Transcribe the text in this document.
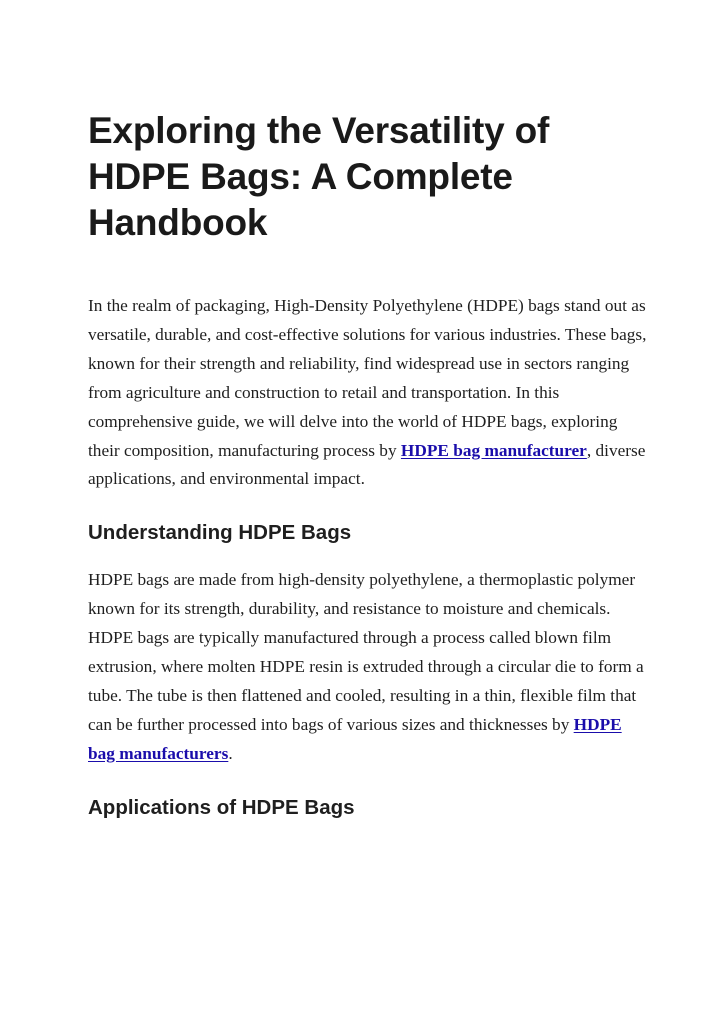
Exploring the Versatility of HDPE Bags: A Complete Handbook

In the realm of packaging, High-Density Polyethylene (HDPE) bags stand out as versatile, durable, and cost-effective solutions for various industries. These bags, known for their strength and reliability, find widespread use in sectors ranging from agriculture and construction to retail and transportation. In this comprehensive guide, we will delve into the world of HDPE bags, exploring their composition, manufacturing process by HDPE bag manufacturer, diverse applications, and environmental impact.

Understanding HDPE Bags

HDPE bags are made from high-density polyethylene, a thermoplastic polymer known for its strength, durability, and resistance to moisture and chemicals. HDPE bags are typically manufactured through a process called blown film extrusion, where molten HDPE resin is extruded through a circular die to form a tube. The tube is then flattened and cooled, resulting in a thin, flexible film that can be further processed into bags of various sizes and thicknesses by HDPE bag manufacturers.

Applications of HDPE Bags
